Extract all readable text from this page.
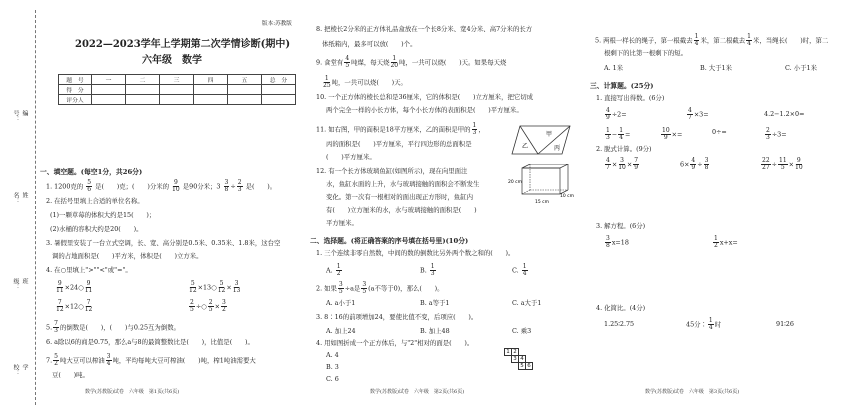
编号：
姓名：
班级：
学校：
版本:苏教版
2022—2023学年上学期第二次学情诊断(期中)
六年级　数学
题　号	一	二	三	四	五	总　分
得　分						
评分人						
一、填空题。(每空1分，共26分)
1. 1200克的 $\frac{5}{6}$ 是(　　)克；(　　)分米的 $\frac{9}{10}$ 是90分米；$3 \frac{3}{8} \div \frac{2}{3}$ 是(　　)。
2. 在括号里填上合适的单位名称。
(1)一颗草莓的体积大约是15(　　)；
(2)水桶的容积大约是20(　　)。
3. 暑假里安装了一台立式空调，长、宽、高分别是0.5米、0.35米、1.8米，这台空
调的占地面积是(　　)平方米，体积是(　　)立方米。
4. 在○里填上">""<"或"="。
$\frac{9}{11}$ ×24○ $\frac{9}{11}$	$\frac{5}{12}$ ×13○ $\frac{5}{12} \times \frac{3}{13}$
$\frac{7}{12}$ ×12○ $\frac{7}{12}$	$\frac{2}{5}$ ÷○ $\frac{2}{5} \times \frac{3}{2}$
5. $\frac{7}{3}$ 的倒数是(　　)，(　　)与0.25互为倒数。
6. a除以6的商是0.75，那么a与8的最简整数比是(　　)，比值是(　　)。
7. $\frac{5}{2}$ 吨大豆可以榨油 $\frac{3}{4}$ 吨，平均每吨大豆可榨油(　　)吨，榨1吨油需要大
豆(　　)吨。
数学(苏教版)试卷　六年级　第1页(共6页)
8. 把棱长2分米的正方体礼品盒放在一个长8分米、宽4分米、高7分米的长方
体纸箱内，最多可以放(　　)个。
9. 食堂有 $\frac{4}{5}$ 吨煤，每天烧 $\frac{1}{20}$ 吨，一共可以烧(　　)天。如果每天烧
$\frac{1}{25}$ 吨，一共可以烧(　　)天。
10. 一个正方体的棱长总和是36厘米，它的体积是(　　)立方厘米，把它切成
两个完全一样的小长方体，每个小长方体的表面积是(　　)平方厘米。
11. 如右图，甲的面积是18平方厘米，乙的面积是甲的 $\frac{1}{3}$ ，
丙的面积是(　　)平方厘米，平行四边形的总面积是
(　　)平方厘米。
甲
乙	丙
12. 有一个长方体玻璃鱼缸(如图所示)，现在向里面注
水，鱼缸水面的上升，水与玻璃接触的面积会不断发生
变化。第一次有一根相对的面出现正方形时，鱼缸内
有(　　)立方厘米的水，水与玻璃接触的面积是(　　)
平方厘米。
20 cm
15 cm
10 cm
二、选择题。(将正确答案的序号填在括号里)(10分)
1. 三个连续非零自然数，中间的数的倒数比另外两个数之和的(　　)。
A. $\frac{1}{2}$	B. $\frac{1}{3}$	C. $\frac{1}{4}$
2. 如果 $\frac{3}{5} \div a$是 $\frac{3}{5} (a$不等于0)，那么(　　)。
A. a小于1	B. a等于1	C. a大于1
3. 8∶16的前项增加24，要使比值不变，后项应(　　)。
A. 加上24	B. 加上48	C. 乘3
4. 用如图折成一个正方体后，与"2"相对的面是(　　)。
A. 4
B. 3
C. 6
1 2
3 4
5 6
数学(苏教版)试卷　六年级　第2页(共6页)
5. 两根一样长的绳子，第一根截去 $\frac{1}{4}$ 米，第二根截去 $\frac{1}{4}$ 米，当绳长(　　)时，第二
根剩下的比第一根剩下的短。
A. 1米	B. 大于1米	C. 小于1米
三、计算题。(25分)
1. 直接写出得数。(6分)
$\frac{4}{9} \div 2=$	$\frac{4}{7} \times 3=$	4.2−1.2×0=
$\frac{1}{3} - \frac{1}{4}$ =	$\frac{10}{9}$ ×=	0÷=	$\frac{2}{3} \div 3=$
2. 脱式计算。(9分)
$\frac{4}{7} \times \frac{3}{10} \times \frac{7}{9}$	$6\times \frac{4}{9} \div \frac{3}{8}$	$\frac{22}{27} \div \frac{11}{5} \times \frac{9}{10}$
3. 解方程。(6分)
$\frac{3}{8} x=18$	$\frac{1}{2} x+x=$
4. 化简比。(4分)
1.25∶2.75	45分∶ $\frac{1}{4}$ 时	91∶26
数学(苏教版)试卷　六年级　第3页(共6页)
